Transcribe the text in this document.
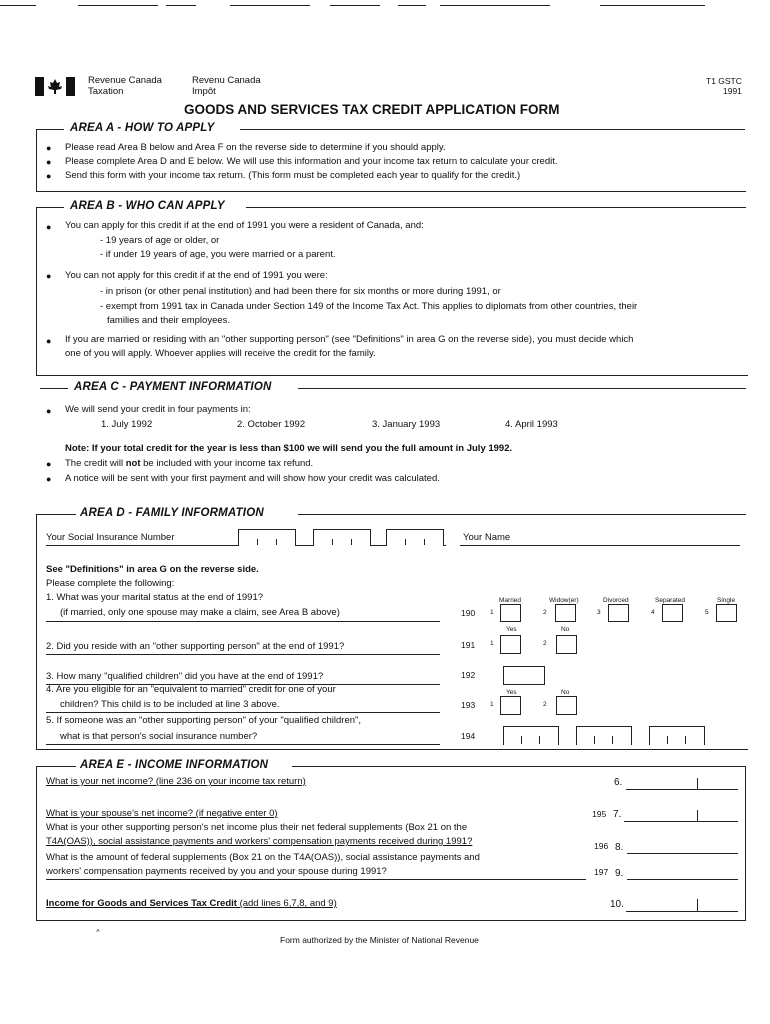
Revenue Canada
Taxation
Revenu Canada
Impôt
T1 GSTC
1991
GOODS AND SERVICES TAX CREDIT APPLICATION FORM
AREA A - HOW TO APPLY
● Please read Area B below and Area F on the reverse side to determine if you should apply.
● Please complete Area D and E below. We will use this information and your income tax return to calculate your credit.
● Send this form with your income tax return. (This form must be completed each year to qualify for the credit.)
AREA B - WHO CAN APPLY
● You can apply for this credit if at the end of 1991 you were a resident of Canada, and:
- 19 years of age or older, or
- if under 19 years of age, you were married or a parent.
● You can not apply for this credit if at the end of 1991 you were:
- in prison (or other penal institution) and had been there for six months or more during 1991, or
- exempt from 1991 tax in Canada under Section 149 of the Income Tax Act. This applies to diplomats from other countries, their
families and their employees.
● If you are married or residing with an "other supporting person" (see "Definitions" in area G on the reverse side), you must decide which
one of you will apply. Whoever applies will receive the credit for the family.
AREA C - PAYMENT INFORMATION
● We will send your credit in four payments in:
1. July 1992	2. October 1992	3. January 1993	4. April 1993
Note: If your total credit for the year is less than $100 we will send you the full amount in July 1992.
● The credit will not be included with your income tax refund.
● A notice will be sent with your first payment and will show how your credit was calculated.
AREA D - FAMILY INFORMATION
Your Social Insurance Number	Your Name
See "Definitions" in area G on the reverse side.
Please complete the following:
1. What was your marital status at the end of 1991?
(if married, only one spouse may make a claim, see Area B above)	190
Married	Widow(er)	Divorced	Separated	Single
1	2	3	4	5
Yes	No
2. Did you reside with an "other supporting person" at the end of 1991?	191 1	2
3. How many "qualified children" did you have at the end of 1991?	192
4. Are you eligible for an "equivalent to married" credit for one of your	Yes	No
children? This child is to be included at line 3 above.	193 1	2
5. If someone was an "other supporting person" of your "qualified children",
what is that person's social insurance number?	194
AREA E - INCOME INFORMATION
What is your net income? (line 236 on your income tax return)	6.
What is your spouse's net income? (if negative enter 0)	195 7.
What is your other supporting person's net income plus their net federal supplements (Box 21 on the
T4A(OAS)), social assistance payments and workers' compensation payments received during 1991?	196 8.
What is the amount of federal supplements (Box 21 on the T4A(OAS)), social assistance payments and
workers' compensation payments received by you and your spouse during 1991?	197 9.
Income for Goods and Services Tax Credit (add lines 6,7,8, and 9)	10.
˄
Form authorized by the Minister of National Revenue
